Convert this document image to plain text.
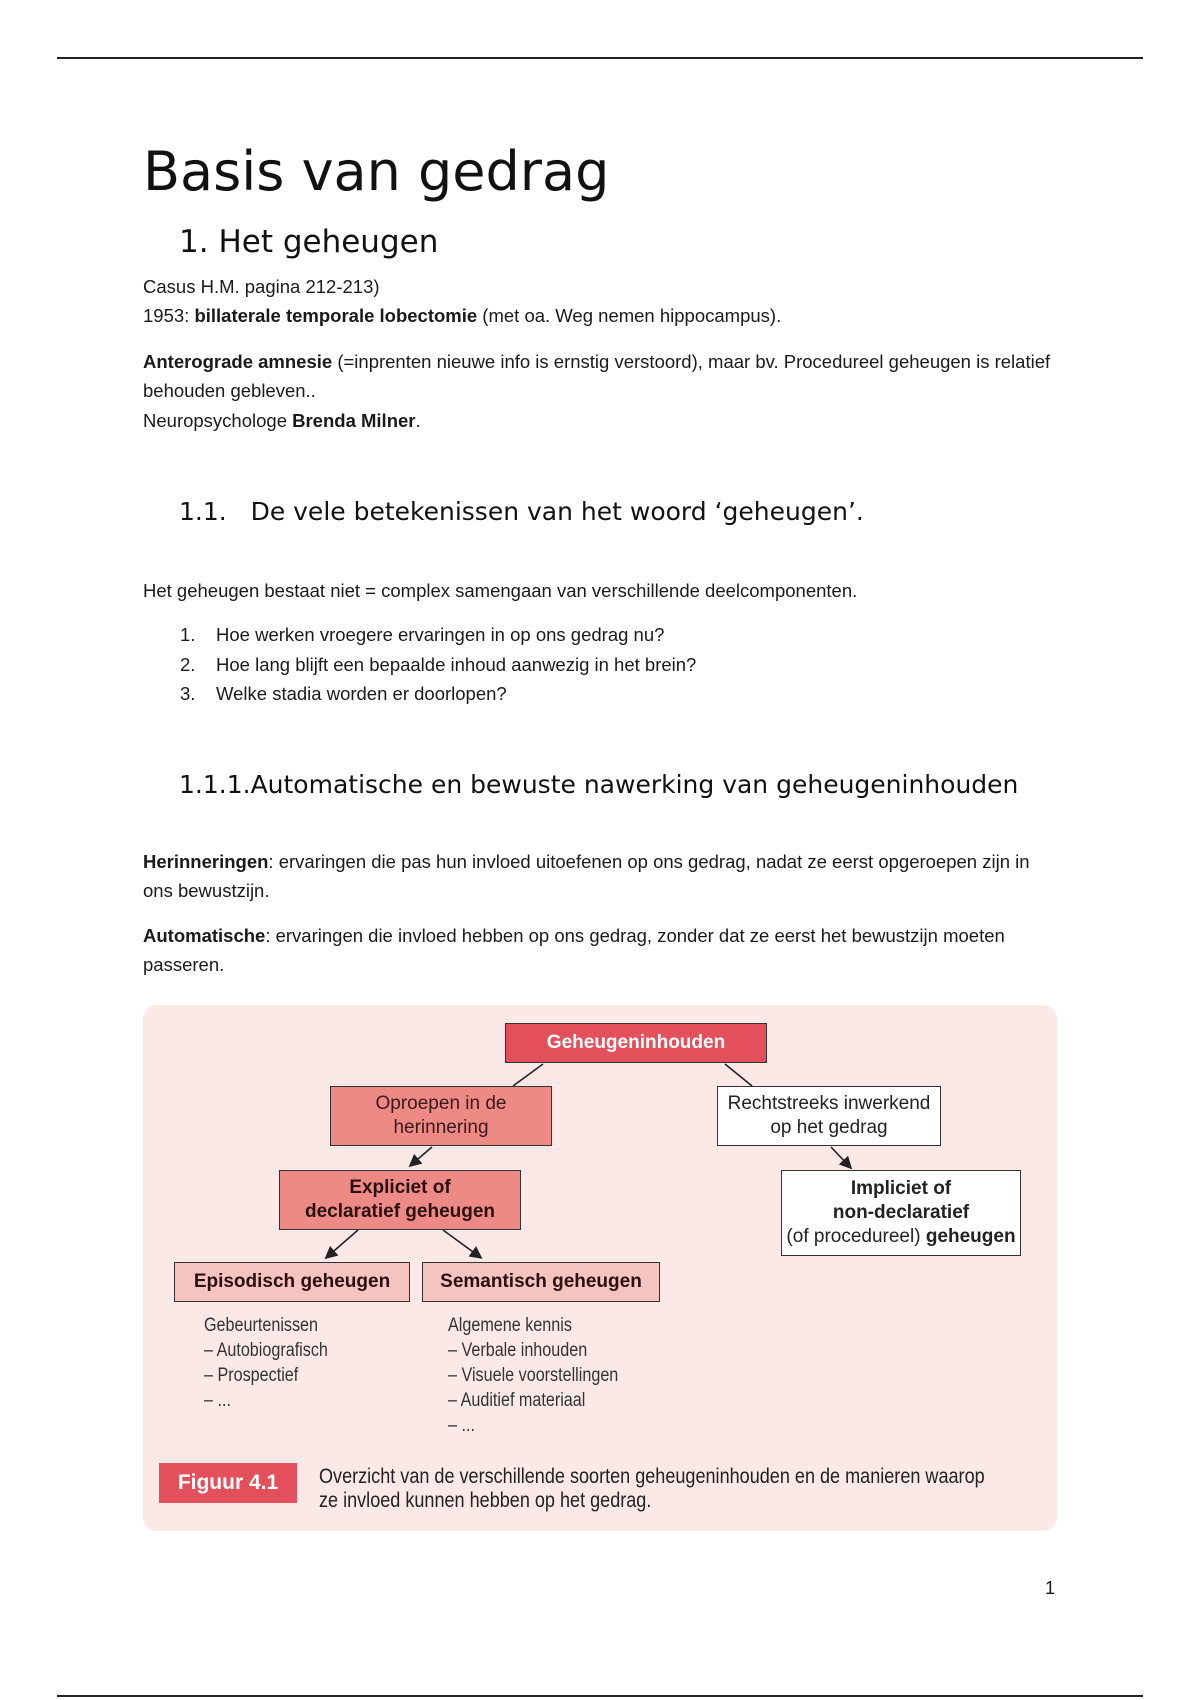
Basis van gedrag
1. Het geheugen

Casus H.M. pagina 212-213)

1953: billaterale temporale lobectomie (met oa. Weg nemen hippocampus).

Anterograde amnesie (=inprenten nieuwe info is ernstig verstoord), maar bv. Procedureel geheugen is relatief behouden gebleven..

Neuropsychologe Brenda Milner.

1.1. De vele betekenissen van het woord ‘geheugen’.

Het geheugen bestaat niet = complex samengaan van verschillende deelcomponenten.

1. Hoe werken vroegere ervaringen in op ons gedrag nu?
2. Hoe lang blijft een bepaalde inhoud aanwezig in het brein?
3. Welke stadia worden er doorlopen?
1.1.1.Automatische en bewuste nawerking van geheugeninhouden

Herinneringen: ervaringen die pas hun invloed uitoefenen op ons gedrag, nadat ze eerst opgeroepen zijn in ons bewustzijn.

Automatische: ervaringen die invloed hebben op ons gedrag, zonder dat ze eerst het bewustzijn moeten passeren.

Geheugeninhouden
Oproepen in de
herinnering
Rechtstreeks inwerkend
op het gedrag
Expliciet of
declaratief geheugen
Impliciet of
non-declaratief
(of procedureel) geheugen
Episodisch geheugen	Semantisch geheugen
Gebeurtenissen
– Autobiografisch
– Prospectief
– ...
Algemene kennis
– Verbale inhouden
– Visuele voorstellingen
– Auditief materiaal
– ...
Figuur 4.1	Overzicht van de verschillende soorten geheugeninhouden en de manieren waarop
ze invloed kunnen hebben op het gedrag.
1
